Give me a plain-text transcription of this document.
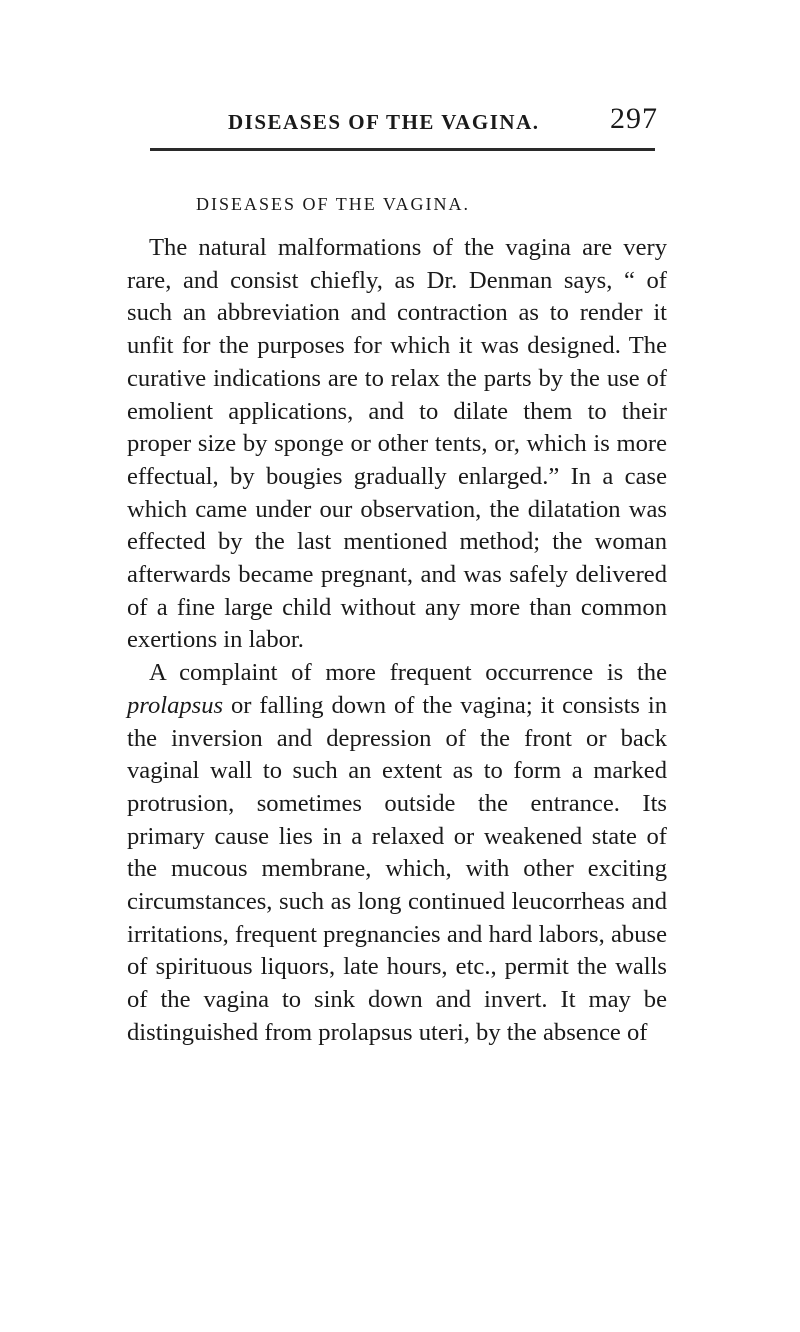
DISEASES OF THE VAGINA. 297
DISEASES OF THE VAGINA.

The natural malformations of the vagina are very rare, and consist chiefly, as Dr. Denman says, “ of such an abbreviation and contraction as to render it unfit for the purposes for which it was designed. The curative indications are to relax the parts by the use of emolient applications, and to dilate them to their proper size by sponge or other tents, or, which is more effectual, by bougies gradually enlarged.” In a case which came under our observation, the dilatation was effected by the last mentioned method; the woman afterwards became pregnant, and was safely delivered of a fine large child without any more than common exertions in labor.

A complaint of more frequent occurrence is the prolapsus or falling down of the vagina; it consists in the inversion and depression of the front or back vaginal wall to such an extent as to form a marked protrusion, sometimes outside the entrance. Its primary cause lies in a relaxed or weakened state of the mucous membrane, which, with other exciting circumstances, such as long continued leucorrheas and irritations, frequent pregnancies and hard labors, abuse of spirituous liquors, late hours, etc., permit the walls of the vagina to sink down and invert. It may be distinguished from prolapsus uteri, by the absence of
